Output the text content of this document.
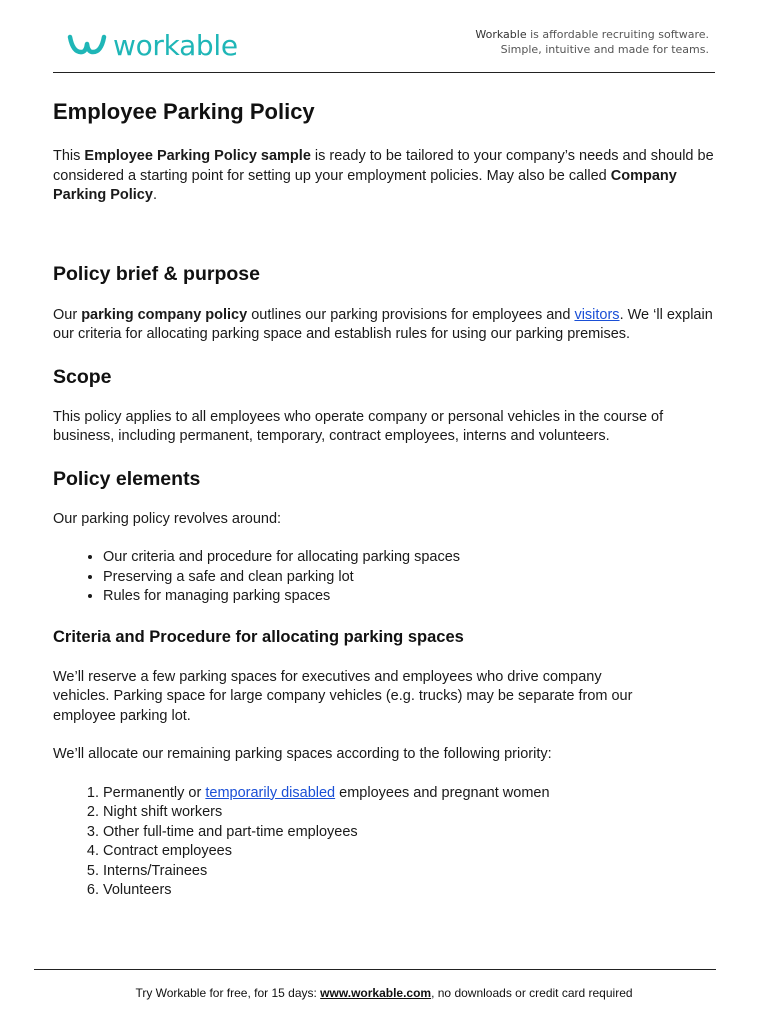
workable	Workable is affordable recruiting software.
Simple, intuitive and made for teams.
Employee Parking Policy

This Employee Parking Policy sample is ready to be tailored to your company’s needs and should be considered a starting point for setting up your employment policies. May also be called Company Parking Policy.

Policy brief & purpose

Our parking company policy outlines our parking provisions for employees and visitors. We ‘ll explain our criteria for allocating parking space and establish rules for using our parking premises.

Scope

This policy applies to all employees who operate company or personal vehicles in the course of business, including permanent, temporary, contract employees, interns and volunteers.

Policy elements

Our parking policy revolves around:

• Our criteria and procedure for allocating parking spaces
• Preserving a safe and clean parking lot
• Rules for managing parking spaces
Criteria and Procedure for allocating parking spaces

We’ll reserve a few parking spaces for executives and employees who drive company vehicles. Parking space for large company vehicles (e.g. trucks) may be separate from our employee parking lot.

We’ll allocate our remaining parking spaces according to the following priority:

1. Permanently or temporarily disabled employees and pregnant women
2. Night shift workers
3. Other full-time and part-time employees
4. Contract employees
5. Interns/Trainees
6. Volunteers
Try Workable for free, for 15 days: www.workable.com, no downloads or credit card required
